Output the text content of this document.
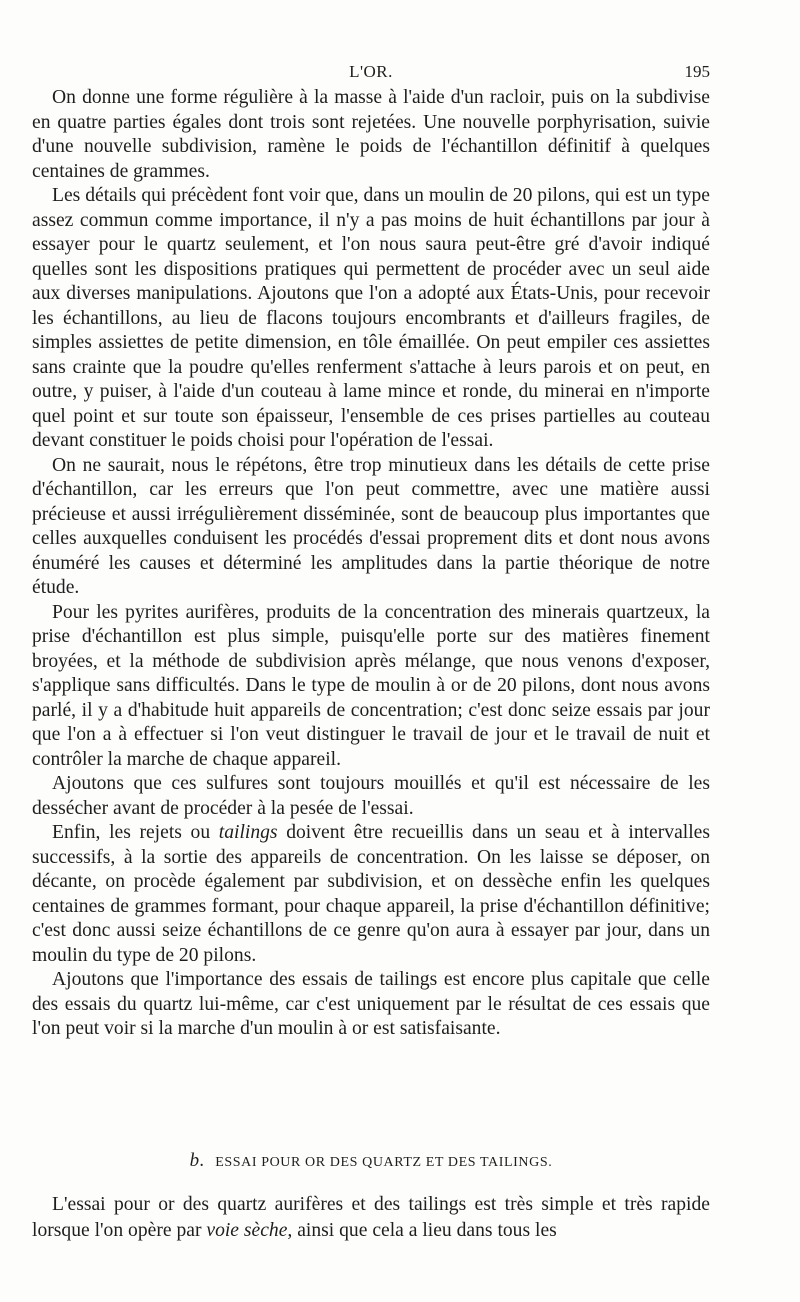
L'OR.	195

On donne une forme régulière à la masse à l'aide d'un racloir, puis on la subdivise en quatre parties égales dont trois sont rejetées. Une nouvelle porphyrisation, suivie d'une nouvelle subdivision, ramène le poids de l'échantillon définitif à quelques centaines de grammes.

Les détails qui précèdent font voir que, dans un moulin de 20 pilons, qui est un type assez commun comme importance, il n'y a pas moins de huit échantillons par jour à essayer pour le quartz seulement, et l'on nous saura peut-être gré d'avoir indiqué quelles sont les dispositions pratiques qui permettent de procéder avec un seul aide aux diverses manipulations. Ajoutons que l'on a adopté aux États-Unis, pour recevoir les échantillons, au lieu de flacons toujours encombrants et d'ailleurs fragiles, de simples assiettes de petite dimension, en tôle émaillée. On peut empiler ces assiettes sans crainte que la poudre qu'elles renferment s'attache à leurs parois et on peut, en outre, y puiser, à l'aide d'un couteau à lame mince et ronde, du minerai en n'importe quel point et sur toute son épaisseur, l'ensemble de ces prises partielles au couteau devant constituer le poids choisi pour l'opération de l'essai.

On ne saurait, nous le répétons, être trop minutieux dans les détails de cette prise d'échantillon, car les erreurs que l'on peut commettre, avec une matière aussi précieuse et aussi irrégulièrement disséminée, sont de beaucoup plus importantes que celles auxquelles conduisent les procédés d'essai proprement dits et dont nous avons énuméré les causes et déterminé les amplitudes dans la partie théorique de notre étude.

Pour les pyrites aurifères, produits de la concentration des minerais quartzeux, la prise d'échantillon est plus simple, puisqu'elle porte sur des matières finement broyées, et la méthode de subdivision après mélange, que nous venons d'exposer, s'applique sans difficultés. Dans le type de moulin à or de 20 pilons, dont nous avons parlé, il y a d'habitude huit appareils de concentration; c'est donc seize essais par jour que l'on a à effectuer si l'on veut distinguer le travail de jour et le travail de nuit et contrôler la marche de chaque appareil.

Ajoutons que ces sulfures sont toujours mouillés et qu'il est nécessaire de les dessécher avant de procéder à la pesée de l'essai.

Enfin, les rejets ou tailings doivent être recueillis dans un seau et à intervalles successifs, à la sortie des appareils de concentration. On les laisse se déposer, on décante, on procède également par subdivision, et on dessèche enfin les quelques centaines de grammes formant, pour chaque appareil, la prise d'échantillon définitive; c'est donc aussi seize échantillons de ce genre qu'on aura à essayer par jour, dans un moulin du type de 20 pilons.

Ajoutons que l'importance des essais de tailings est encore plus capitale que celle des essais du quartz lui-même, car c'est uniquement par le résultat de ces essais que l'on peut voir si la marche d'un moulin à or est satisfaisante.

b. ESSAI POUR OR DES QUARTZ ET DES TAILINGS.

L'essai pour or des quartz aurifères et des tailings est très simple et très rapide lorsque l'on opère par voie sèche, ainsi que cela a lieu dans tous les
